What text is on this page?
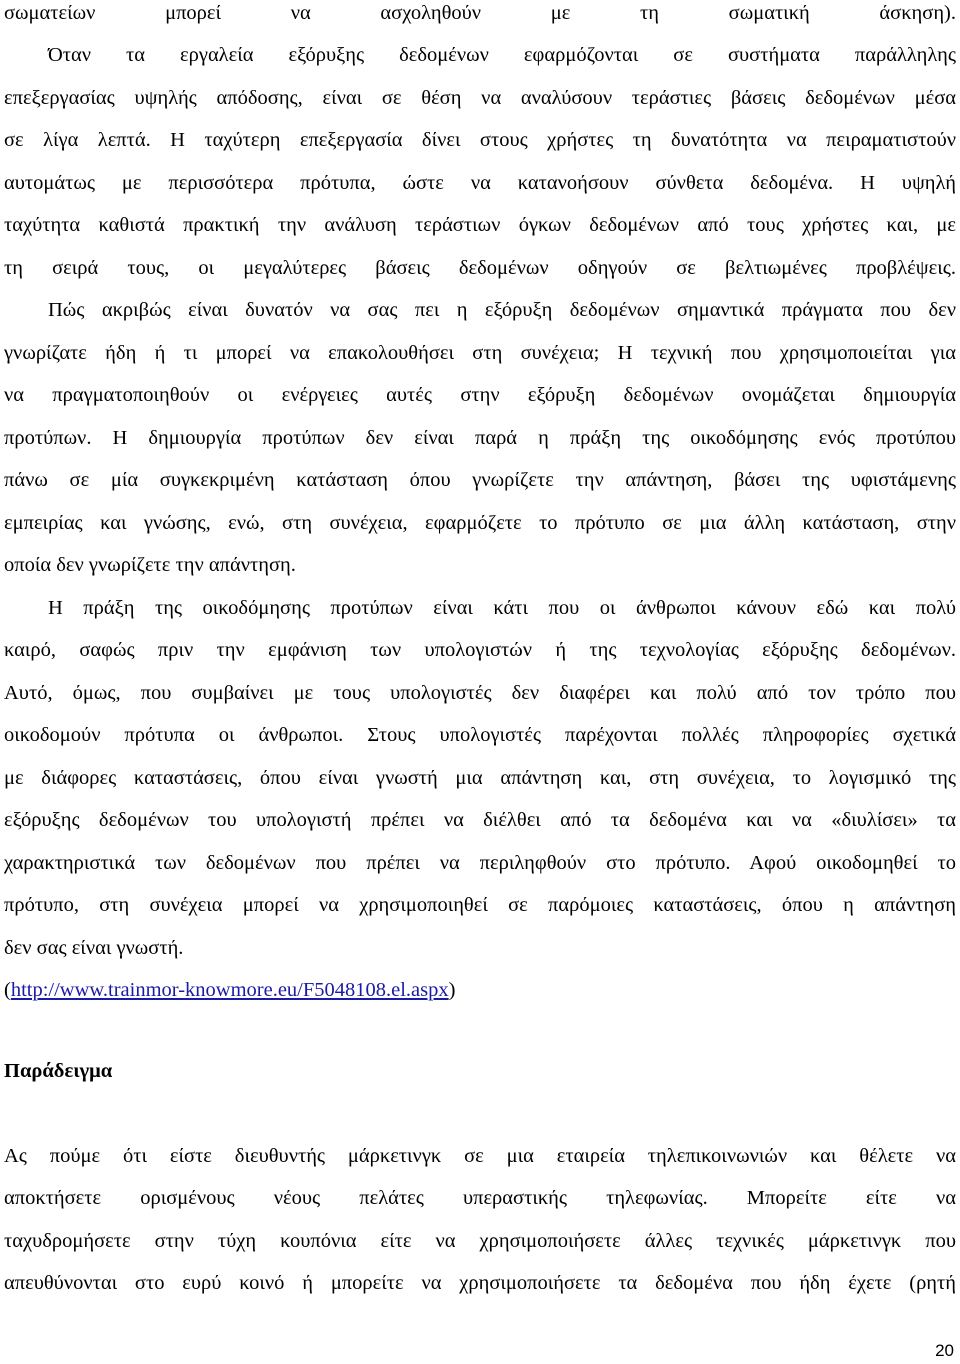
σωματείων μπορεί να ασχοληθούν με τη σωματική άσκηση).
Όταν τα εργαλεία εξόρυξης δεδομένων εφαρμόζονται σε συστήματα παράλληλης
επεξεργασίας υψηλής απόδοσης, είναι σε θέση να αναλύσουν τεράστιες βάσεις δεδομένων μέσα
σε λίγα λεπτά. Η ταχύτερη επεξεργασία δίνει στους χρήστες τη δυνατότητα να πειραματιστούν
αυτομάτως με περισσότερα πρότυπα, ώστε να κατανοήσουν σύνθετα δεδομένα. Η υψηλή
ταχύτητα καθιστά πρακτική την ανάλυση τεράστιων όγκων δεδομένων από τους χρήστες και, με
τη σειρά τους, οι μεγαλύτερες βάσεις δεδομένων οδηγούν σε βελτιωμένες προβλέψεις.
Πώς ακριβώς είναι δυνατόν να σας πει η εξόρυξη δεδομένων σημαντικά πράγματα που δεν
γνωρίζατε ήδη ή τι μπορεί να επακολουθήσει στη συνέχεια; Η τεχνική που χρησιμοποιείται για
να πραγματοποιηθούν οι ενέργειες αυτές στην εξόρυξη δεδομένων ονομάζεται δημιουργία
προτύπων. Η δημιουργία προτύπων δεν είναι παρά η πράξη της οικοδόμησης ενός προτύπου
πάνω σε μία συγκεκριμένη κατάσταση όπου γνωρίζετε την απάντηση, βάσει της υφιστάμενης
εμπειρίας και γνώσης, ενώ, στη συνέχεια, εφαρμόζετε το πρότυπο σε μια άλλη κατάσταση, στην
οποία δεν γνωρίζετε την απάντηση.
Η πράξη της οικοδόμησης προτύπων είναι κάτι που οι άνθρωποι κάνουν εδώ και πολύ
καιρό, σαφώς πριν την εμφάνιση των υπολογιστών ή της τεχνολογίας εξόρυξης δεδομένων.
Αυτό, όμως, που συμβαίνει με τους υπολογιστές δεν διαφέρει και πολύ από τον τρόπο που
οικοδομούν πρότυπα οι άνθρωποι. Στους υπολογιστές παρέχονται πολλές πληροφορίες σχετικά
με διάφορες καταστάσεις, όπου είναι γνωστή μια απάντηση και, στη συνέχεια, το λογισμικό της
εξόρυξης δεδομένων του υπολογιστή πρέπει να διέλθει από τα δεδομένα και να «διυλίσει» τα
χαρακτηριστικά των δεδομένων που πρέπει να περιληφθούν στο πρότυπο. Αφού οικοδομηθεί το
πρότυπο, στη συνέχεια μπορεί να χρησιμοποιηθεί σε παρόμοιες καταστάσεις, όπου η απάντηση
δεν σας είναι γνωστή.
(http://www.trainmor-knowmore.eu/F5048108.el.aspx)
Παράδειγμα
Ας πούμε ότι είστε διευθυντής μάρκετινγκ σε μια εταιρεία τηλεπικοινωνιών και θέλετε να
αποκτήσετε ορισμένους νέους πελάτες υπεραστικής τηλεφωνίας. Μπορείτε είτε να
ταχυδρομήσετε στην τύχη κουπόνια είτε να χρησιμοποιήσετε άλλες τεχνικές μάρκετινγκ που
απευθύνονται στο ευρύ κοινό ή μπορείτε να χρησιμοποιήσετε τα δεδομένα που ήδη έχετε (ρητή
20
